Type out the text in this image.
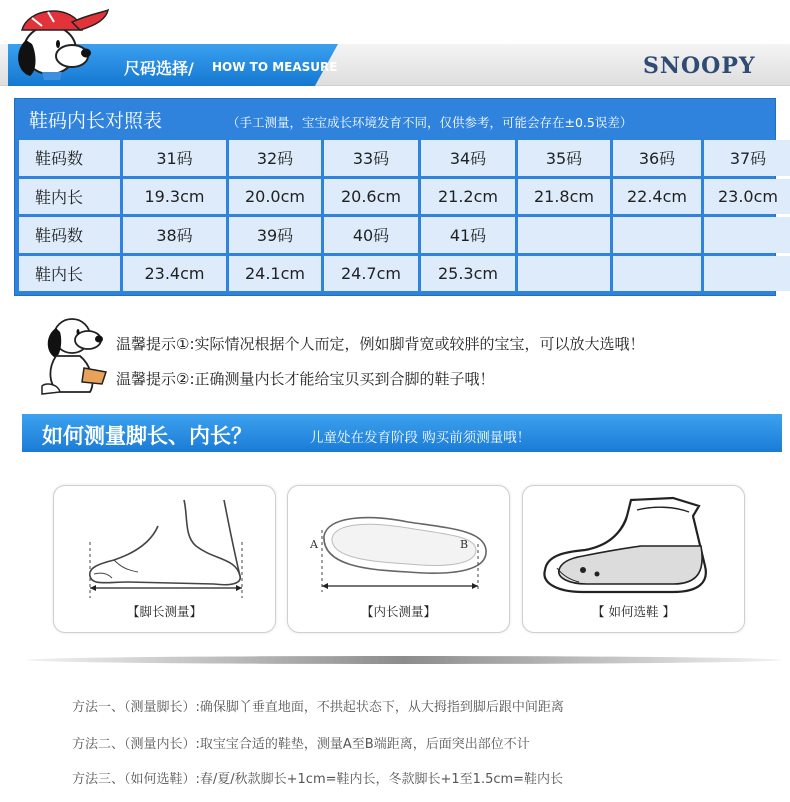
尺码选择/ HOW TO MEASURE	SNOOPY
鞋码内长对照表	（手工测量，宝宝成长环境发育不同，仅供参考，可能会存在±0.5误差）
鞋码数	31码	32码	33码	34码	35码	36码	37码
鞋内长	19.3cm	20.0cm	20.6cm	21.2cm	21.8cm	22.4cm	23.0cm
鞋码数	38码	39码	40码	41码
鞋内长	23.4cm	24.1cm	24.7cm	25.3cm
温馨提示①:实际情况根据个人而定，例如脚背宽或较胖的宝宝，可以放大选哦！
温馨提示②:正确测量内长才能给宝贝买到合脚的鞋子哦！
如何测量脚长、内长？	儿童处在发育阶段 购买前须测量哦！
【脚长测量】
A	B
【内长测量】	【 如何选鞋 】
方法一、（测量脚长）:确保脚丫垂直地面，不拱起状态下，从大拇指到脚后跟中间距离
方法二、（测量内长）:取宝宝合适的鞋垫，测量A至B端距离，后面突出部位不计
方法三、（如何选鞋）:春/夏/秋款脚长+1cm=鞋内长，冬款脚长+1至1.5cm=鞋内长
